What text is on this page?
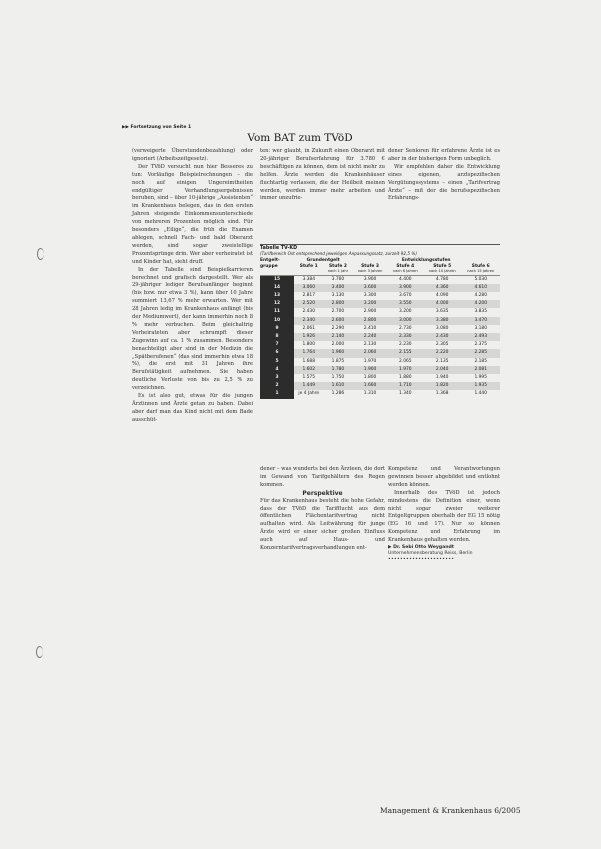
▶▶ Fortsetzung von Seite 1
Vom BAT zum TVöD

(verweigerte Überstundenbezahlung) oder ignoriert (Arbeitszeitgesetz).

Der TVöD versucht nun hier Besseres zu tun: Vorläufige Beispielrechnungen – die noch auf einigen Ungereimtheiten endgültiger Verhandlungsergebnissen beruhen, sind – über 10-jährige „Assistenten“ im Krankenhaus belegen, das in den ersten Jahren steigende Einkommensunterschiede von mehreren Prozenten möglich sind. Für besonders „Eilige“, die früh die Examen ablegen, schnell Fach- und bald Oberarzt werden, sind sogar zweistellige Prozentsprünge drin. Wer aber verheiratet ist und Kinder hat, sieht druff.

In der Tabelle sind Beispielkarrieren berechnet und grafisch dargestellt. Wer als 29-jähriger lediger Berufsanfänger beginnt (bis bzw. nur etwa 3 %), kann über 10 Jahre summiert 13,67 % mehr erwarten. Wer mit 28 Jahren ledig im Krankenhaus anfängt (bis der Mediumwert), der kann immerhin noch 8 % mehr verbuchen. Beim gleichaltrig Verheirateten aber schrumpft dieser Zugewinn auf ca. 1 % zusammen. Besonders benachteiligt aber sind in der Medizin die „Spätberufenen“ (das sind immerhin etwa 18 %), die erst mit 31 Jahren ihre Berufstätigkeit aufnehmen. Sie haben deutliche Verluste von bis zu 2,5 % zu verzeichnen.

Es ist also gut, etwas für die jungen Ärztinnen und Ärzte getan zu haben. Dabei aber darf man das Kind nicht mit dem Bade ausschüt-

ten: wer glaubt, in Zukunft einen Oberarzt mit 20-jähriger Berufserfahrung für 3.780 € beschäftigen zu können, dem ist nicht mehr zu helfen. Ärzte werden die Krankenhäuser fluchtartig verlassen, die der Heilbeit meinen werden, werden immer mehr arbeiten und immer unzufrie-

dener Senioren für erfahrene Ärzte ist es aber in der bisherigen Form unbeglich.

Wir empfehlen daher die Entwicklung eines eigenen, arztspezifischen Vergütungssystems – einen „Tarifvertrag Ärzte“ – mit der die berufsspezifischen Erfahrungs-

Tabelle TV-KD
(Tarifbereich Ost entsprechend jeweiligen Anpassungssatz, zurzeit 92,5 %)
Entgelt-gruppe	Grundentgelt		Entwicklungsstufen			
	Stufe 1	Stufe 2	Stufe 3	Stufe 4	Stufe 5	Stufe 6
		nach 1 Jahr	nach 3 Jahren	nach 6 Jahren	nach 10 Jahren	nach 15 Jahren
15	3.384	3.760	3.900	4.400	4.780	5.030
14	3.060	3.400	3.600	3.900	4.360	4.610
13	2.817	3.130	3.300	3.670	4.090	4.280
12	2.520	2.800	3.200	3.550	4.000	4.200
11	2.430	2.700	2.900	3.200	3.635	3.835
10	2.340	2.600	2.800	3.000	3.380	3.470
9	2.061	2.290	2.410	2.730	3.080	3.180
8	1.926	2.140	2.240	2.330	2.430	2.493
7	1.800	2.000	2.130	2.230	2.305	2.375
6	1.764	1.960	2.060	2.155	2.220	2.285
5	1.688	1.875	1.970	2.065	2.135	2.185
4	1.602	1.780	1.900	1.970	2.040	2.081
3	1.575	1.750	1.800	1.880	1.940	1.995
2	1.449	1.610	1.660	1.710	1.820	1.935
1	je 4 Jahre	1.286	1.310	1.340	1.368	1.440

dener – was wunderts bei den Ärzteen, die dort im Gewand von Tarifgehältern des Regen kommen.

Perspektive

Für das Krankenhaus besteht die hohe Gefahr, dass der TVöD die Tarifflucht aus dem öffentlichen Flächentarifvertrag nicht aufhalten wird. Als Leitwährung für junge Ärzte wird er einer sicher großen Einfluss auch auf Haus- und Konzerntarifvertragsverhandlungen ent-

Kompetenz und Verantwortungen gewinnen besser abgebildet und entlohnt werden können.

Innerhalb des TVöD ist jedoch mindestens die Definition einer, wenn nicht sogar zweier weiterer Entgeltgruppen oberhalb der EG 15 nötig (EG 16 und 17). Nur so können Kompetenz und Erfahrung im Krankenhaus gehalten werden.

▶ Dr. Sebi Otto Weygandt

Unternehmensberatung Reiss, Berlin

••••••••••••••••••••••

Management & Krankenhaus 6/2005
